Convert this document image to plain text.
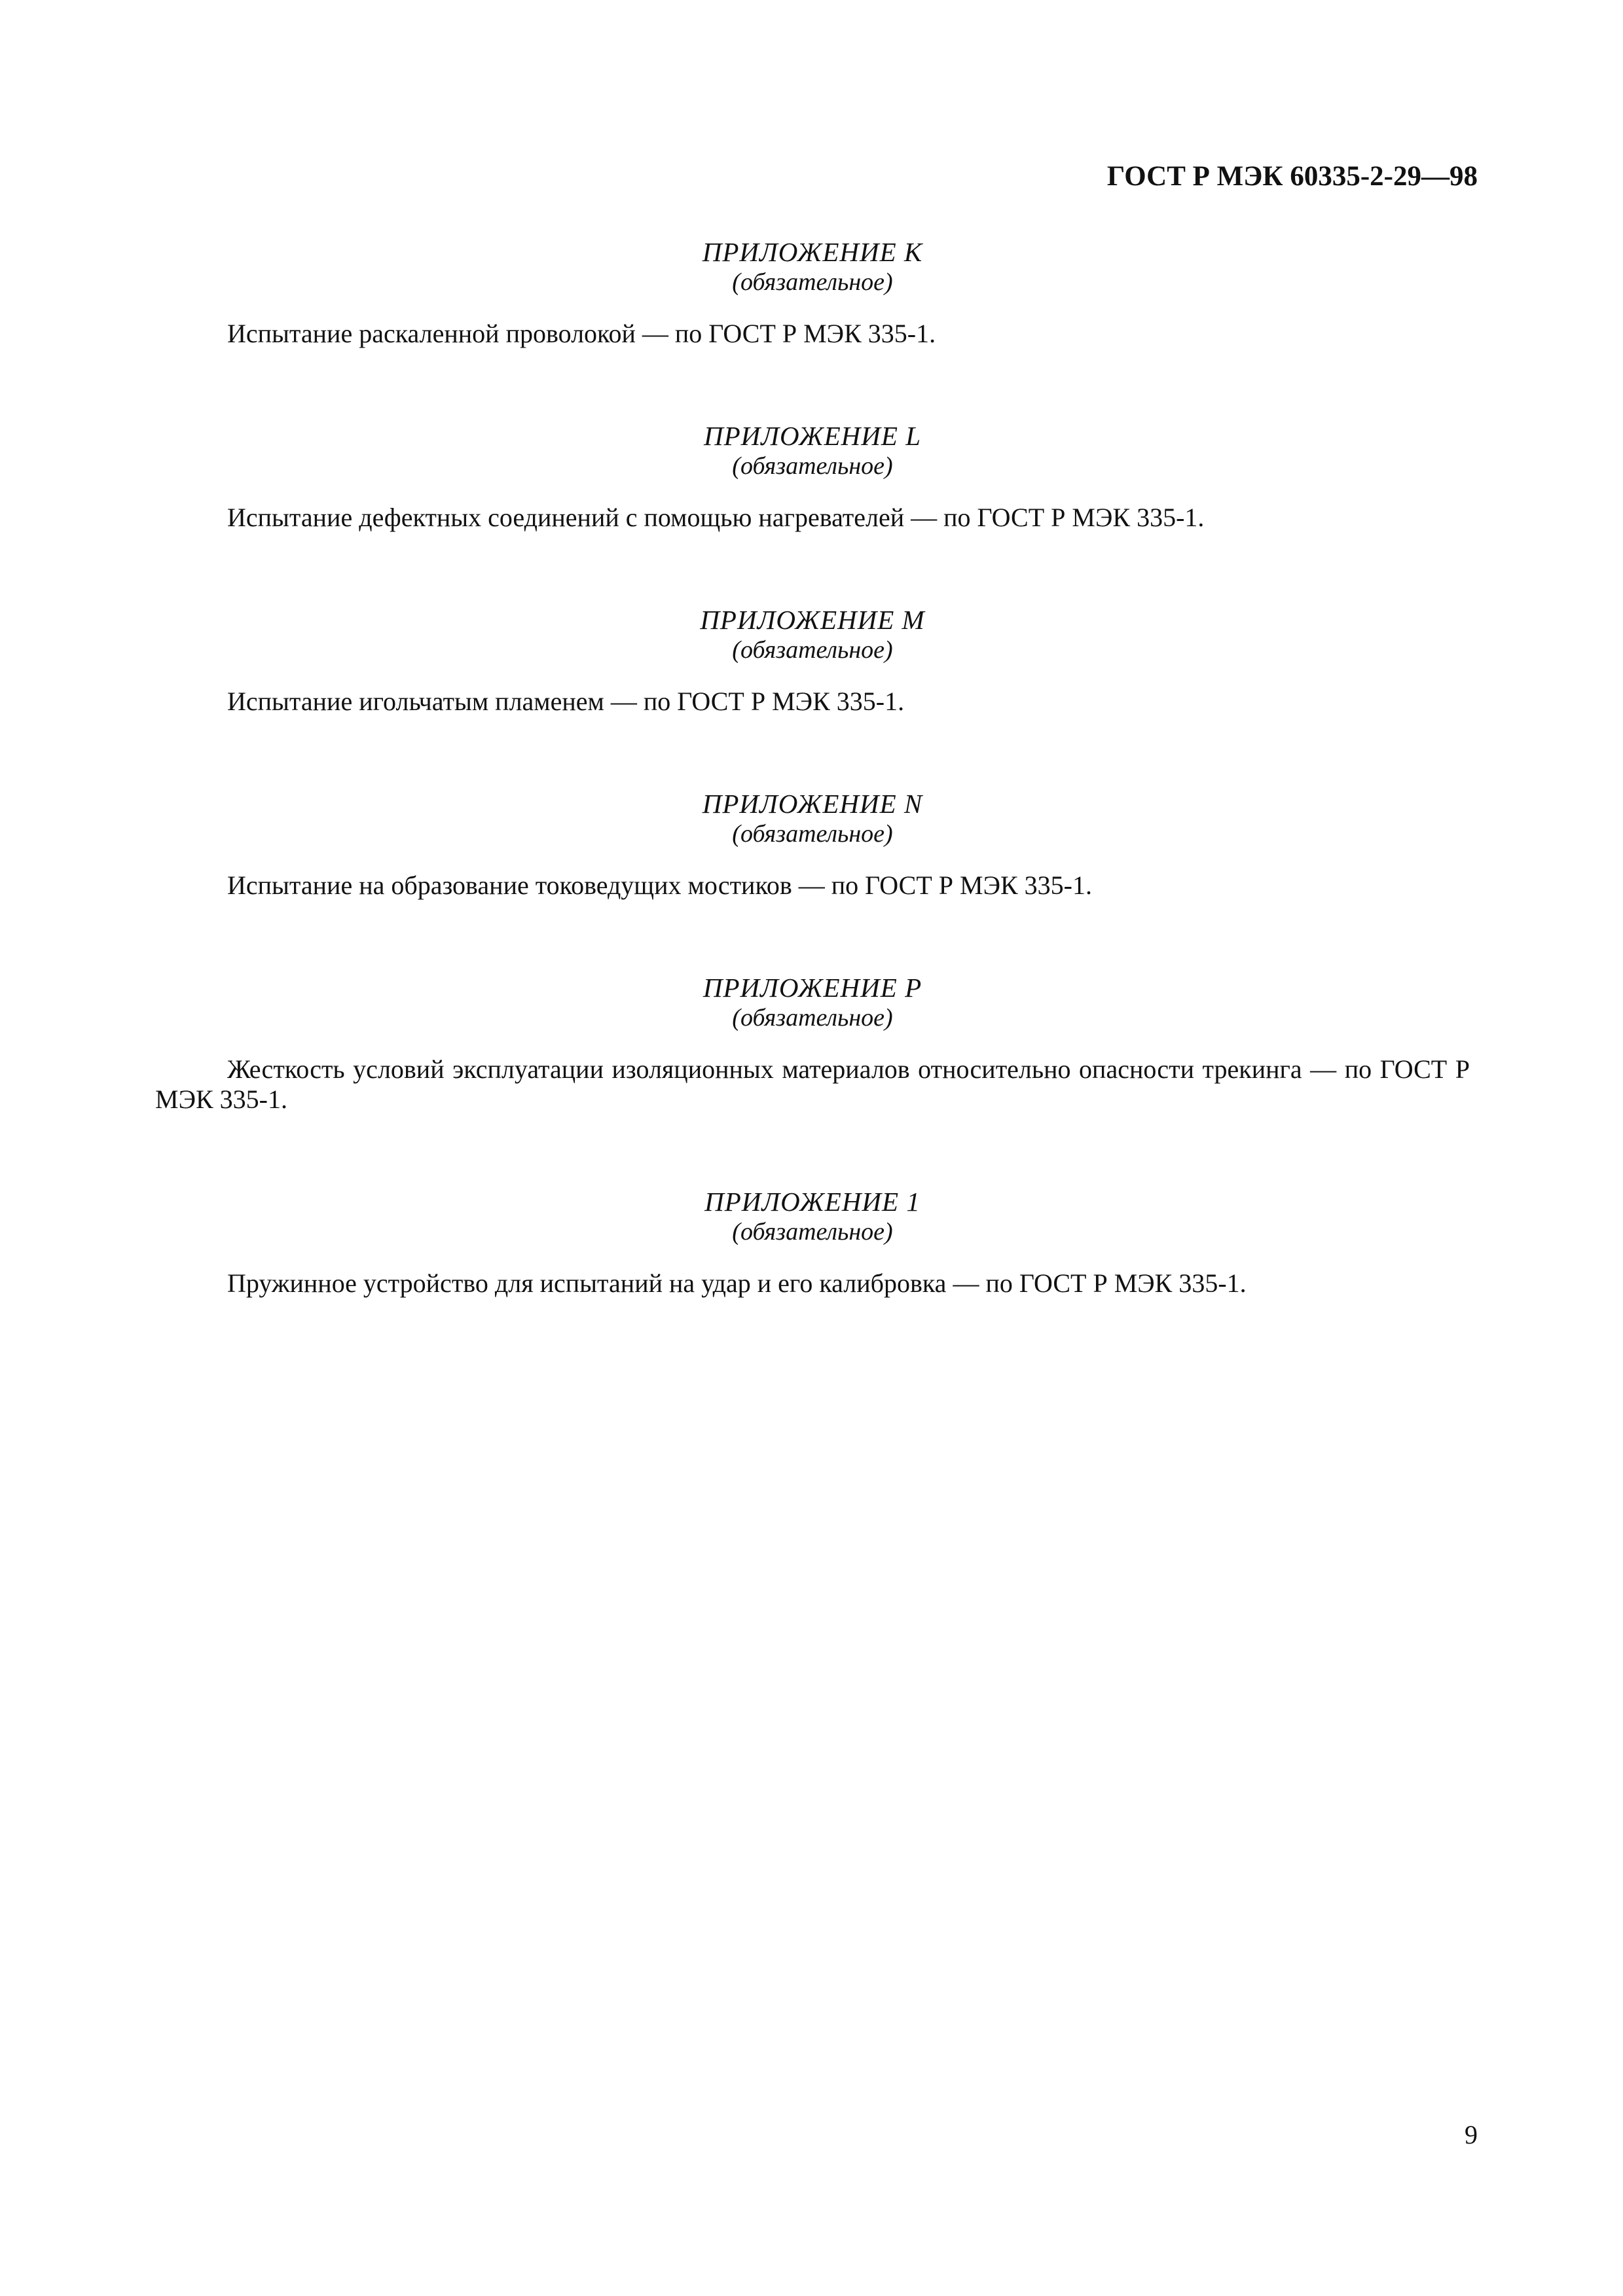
ГОСТ Р МЭК 60335-2-29—98
ПРИЛОЖЕНИЕ K
(обязательное)
Испытание раскаленной проволокой — по ГОСТ Р МЭК 335-1.
ПРИЛОЖЕНИЕ L
(обязательное)
Испытание дефектных соединений с помощью нагревателей — по ГОСТ Р МЭК 335-1.
ПРИЛОЖЕНИЕ M
(обязательное)
Испытание игольчатым пламенем — по ГОСТ Р МЭК 335-1.
ПРИЛОЖЕНИЕ N
(обязательное)
Испытание на образование токоведущих мостиков — по ГОСТ Р МЭК 335-1.
ПРИЛОЖЕНИЕ P
(обязательное)
Жесткость условий эксплуатации изоляционных материалов относительно опасности трекинга — по ГОСТ Р МЭК 335-1.
ПРИЛОЖЕНИЕ 1
(обязательное)
Пружинное устройство для испытаний на удар и его калибровка — по ГОСТ Р МЭК 335-1.
9
